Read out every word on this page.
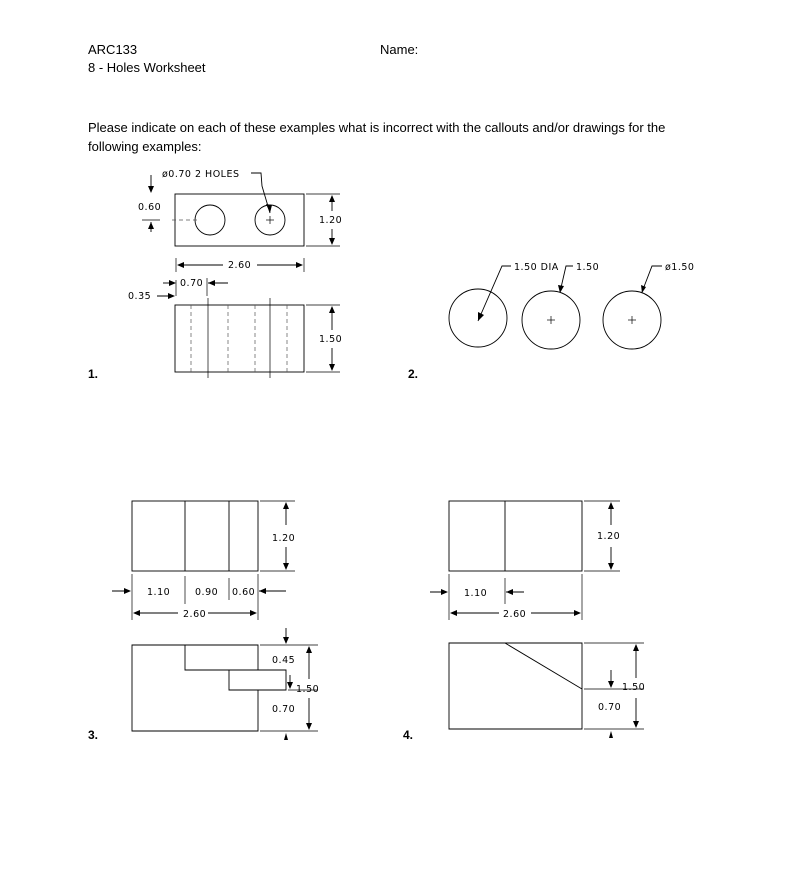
ARC133
8 - Holes Worksheet
Name:
Please indicate on each of these examples what is incorrect with the callouts and/or drawings for the following examples:
1.	2.
3.	4.
ø0.70 2 HOLES
0.60
1.20
2.60
0.70
0.35
1.50
1.50 DIA 1.50	ø1.50
1.20
1.10	0.90 0.60
2.60
0.45
1.50
0.70
1.20
1.10
2.60
1.50
0.70
